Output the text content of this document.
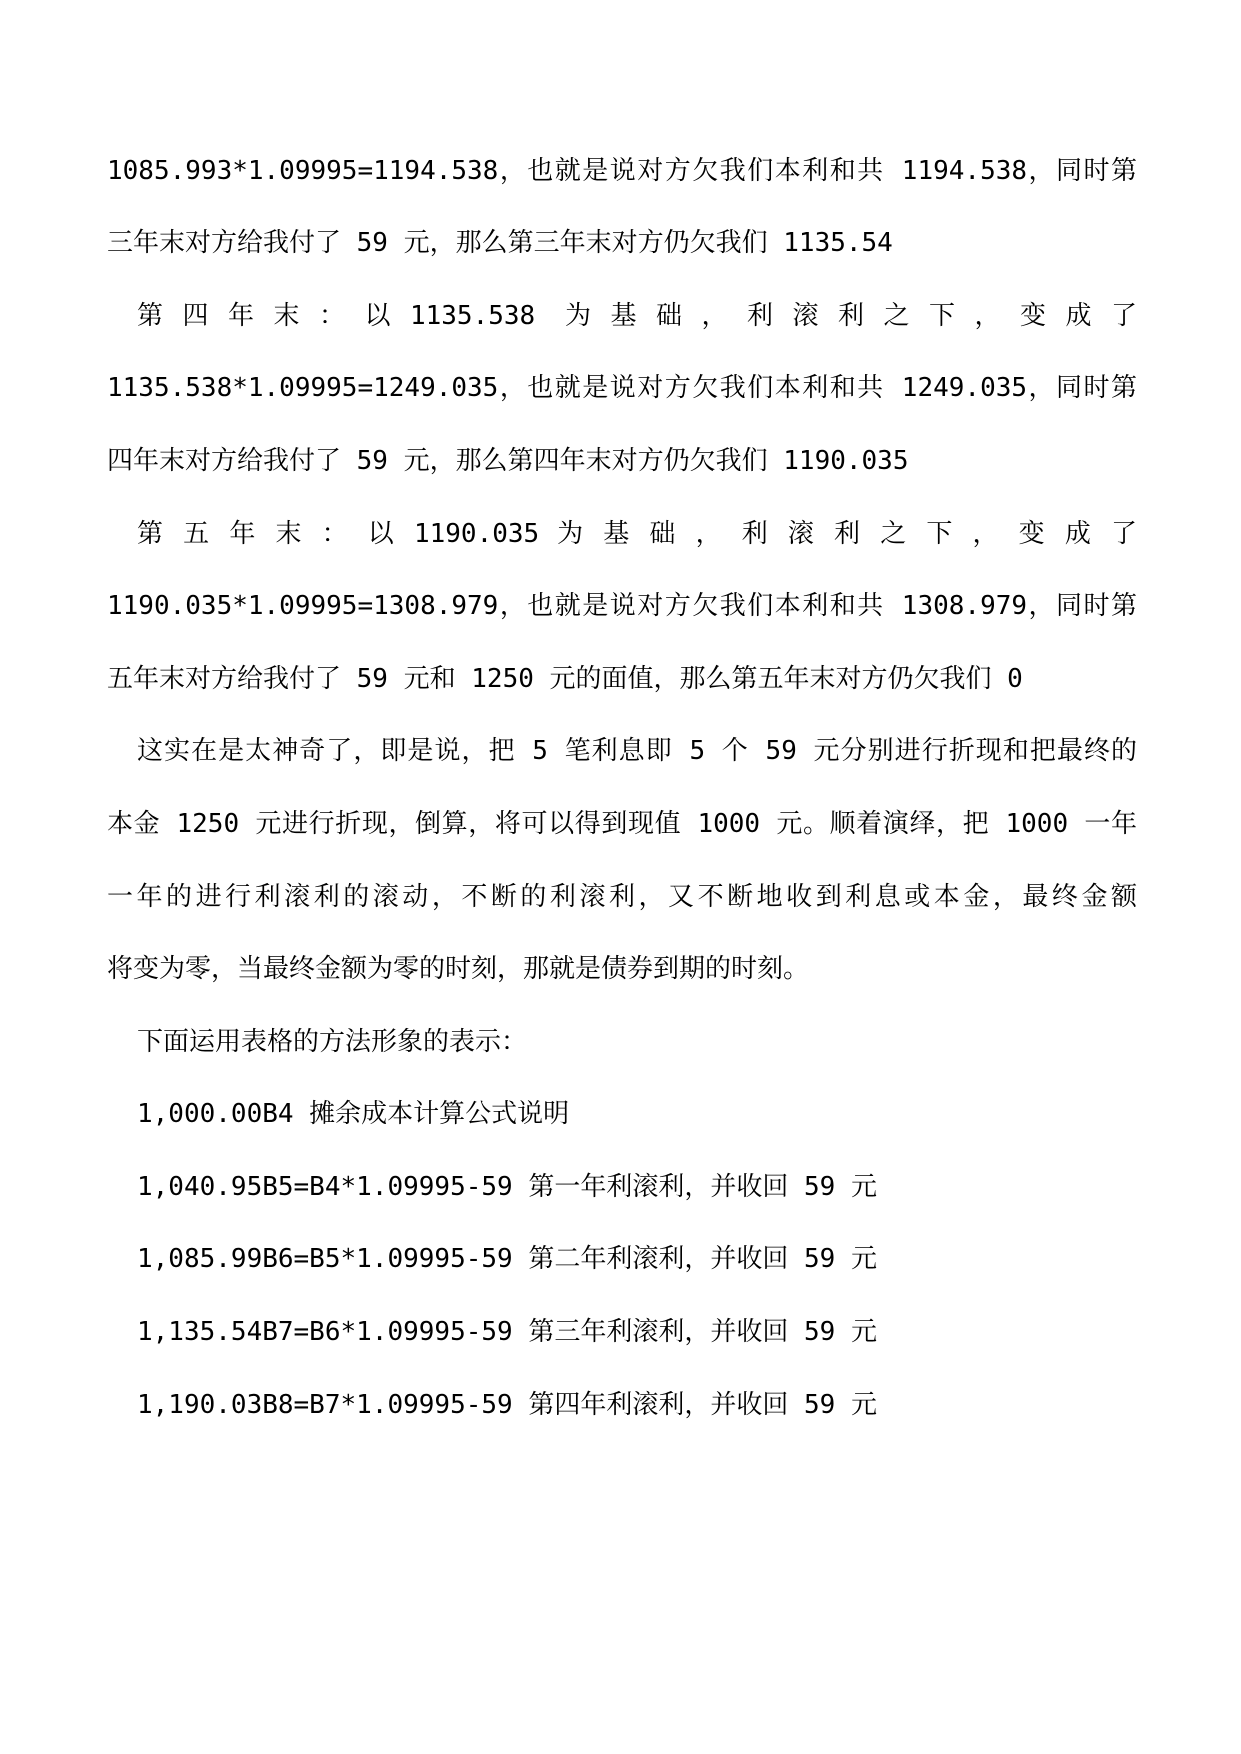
1085.993*1.09995=1194.538，也就是说对方欠我们本利和共 1194.538，同时第
三年末对方给我付了 59 元，那么第三年末对方仍欠我们 1135.54
第 四 年 末 ： 以 1135.538　为 基 础 ， 利 滚 利 之 下 ， 变 成 了
1135.538*1.09995=1249.035，也就是说对方欠我们本利和共 1249.035，同时第
四年末对方给我付了 59 元，那么第四年末对方仍欠我们 1190.035
第 五 年 末 ： 以 1190.035 为 基 础 ， 利 滚 利 之 下 ， 变 成 了
1190.035*1.09995=1308.979，也就是说对方欠我们本利和共 1308.979，同时第
五年末对方给我付了 59 元和 1250 元的面值，那么第五年末对方仍欠我们 0
这实在是太神奇了，即是说，把 5 笔利息即 5 个 59 元分别进行折现和把最终的
本金 1250 元进行折现，倒算，将可以得到现值 1000 元。顺着演绎，把 1000 一年
一年的进行利滚利的滚动，不断的利滚利，又不断地收到利息或本金，最终金额
将变为零，当最终金额为零的时刻，那就是债券到期的时刻。
下面运用表格的方法形象的表示：
1,000.00B4 摊余成本计算公式说明
1,040.95B5=B4*1.09995-59 第一年利滚利，并收回 59 元
1,085.99B6=B5*1.09995-59 第二年利滚利，并收回 59 元
1,135.54B7=B6*1.09995-59 第三年利滚利，并收回 59 元
1,190.03B8=B7*1.09995-59 第四年利滚利，并收回 59 元
